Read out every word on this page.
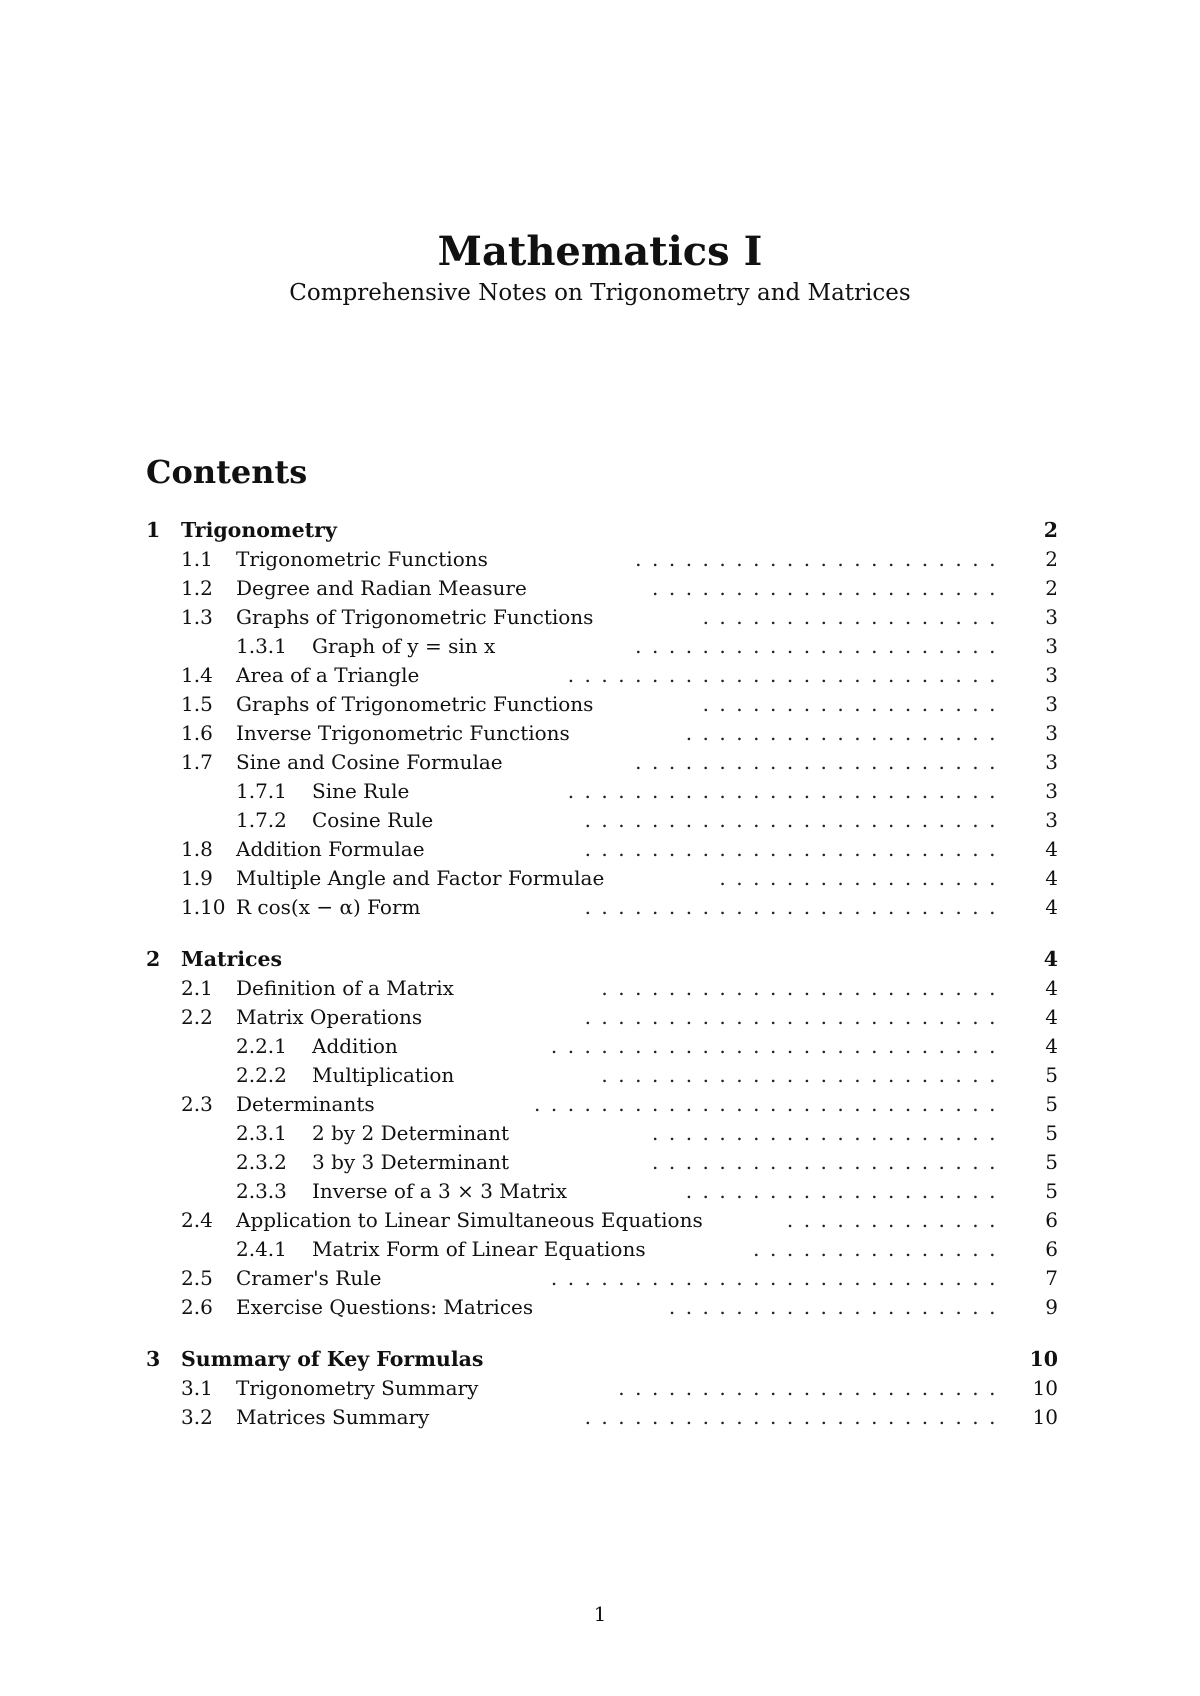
Mathematics I
Comprehensive Notes on Trigonometry and Matrices
Contents
1 Trigonometry	2
1.1 Trigonometric Functions	2
......................
1.2 Degree and Radian Measure	2
.....................
1.3 Graphs of Trigonometric Functions	3
..................
1.3.1 Graph of y = sin x	3
......................
1.4 Area of a Triangle	3
..........................
1.5 Graphs of Trigonometric Functions	3
..................
1.6 Inverse Trigonometric Functions	3
...................
1.7 Sine and Cosine Formulae	3
......................
1.7.1 Sine Rule	3
..........................
1.7.2 Cosine Rule	3
.........................
1.8 Addition Formulae	4
.........................
1.9 Multiple Angle and Factor Formulae	4
.................
1.10 R cos(x − α) Form	4
.........................
2 Matrices	4
2.1 Definition of a Matrix	4
........................
2.2 Matrix Operations	4
.........................
2.2.1 Addition	4
...........................
2.2.2 Multiplication	5
........................
2.3 Determinants	5
............................
2.3.1 2 by 2 Determinant	5
.....................
2.3.2 3 by 3 Determinant	5
.....................
2.3.3 Inverse of a 3 × 3 Matrix	5
...................
2.4 Application to Linear Simultaneous Equations	6
.............
2.4.1 Matrix Form of Linear Equations	6
...............
2.5 Cramer's Rule	7
...........................
2.6 Exercise Questions: Matrices	9
....................
3 Summary of Key Formulas	10
3.1 Trigonometry Summary	10
.......................
3.2 Matrices Summary	10
.........................
1
